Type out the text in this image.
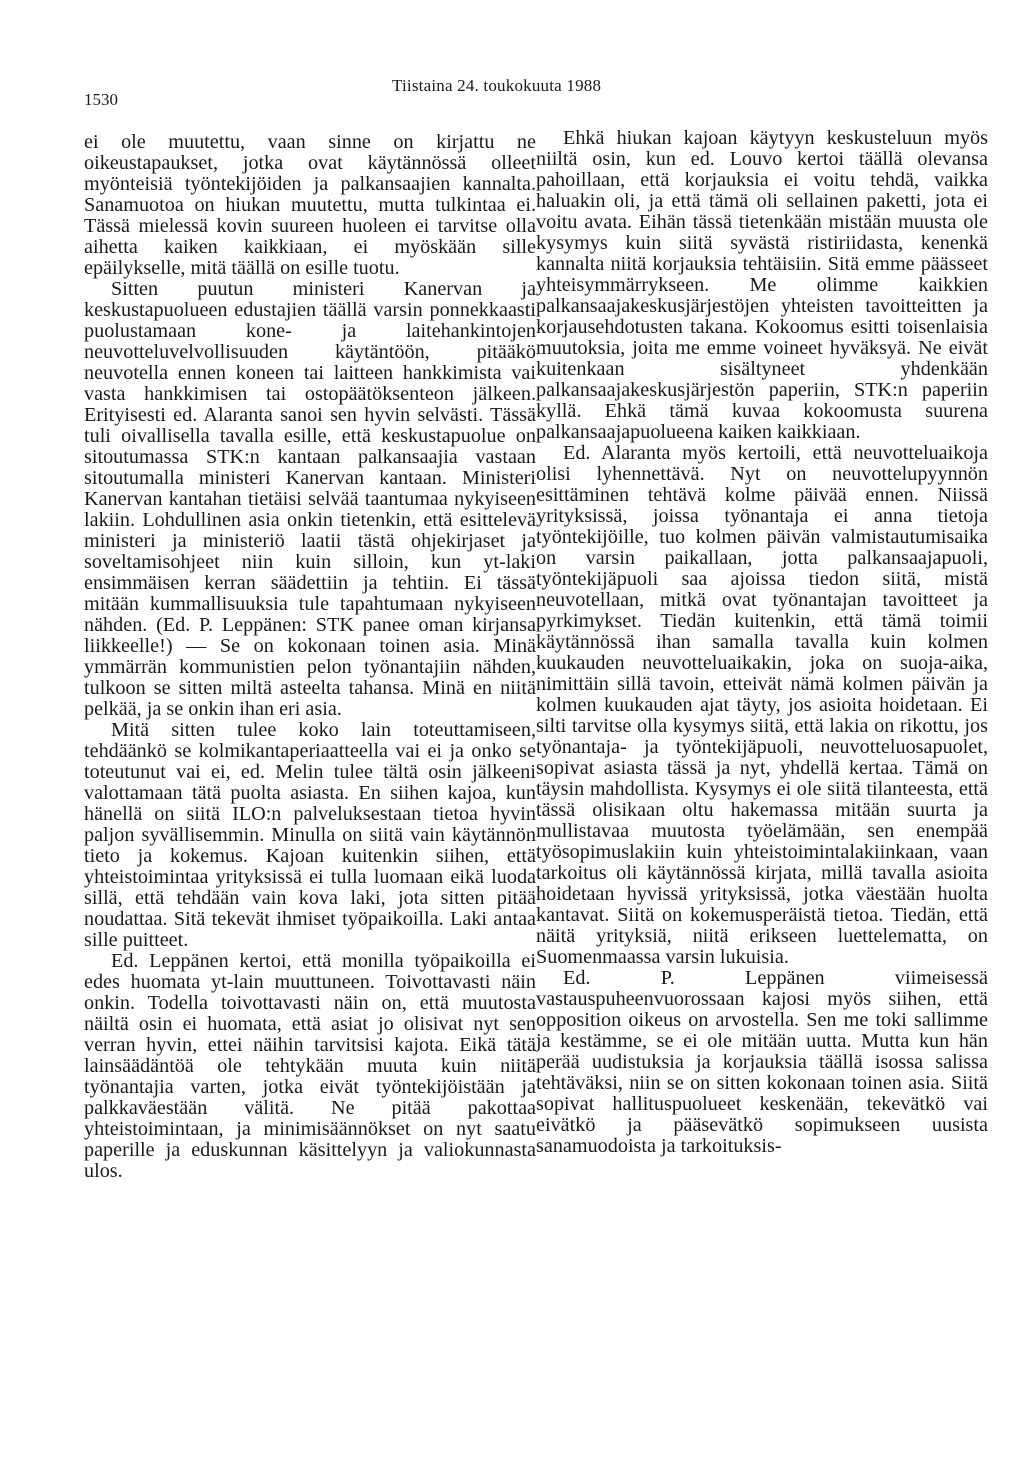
1530
Tiistaina 24. toukokuuta 1988

ei ole muutettu, vaan sinne on kirjattu ne oikeustapaukset, jotka ovat käytännössä olleet myönteisiä työntekijöiden ja palkansaajien kannalta. Sanamuotoa on hiukan muutettu, mutta tulkintaa ei. Tässä mielessä kovin suureen huoleen ei tarvitse olla aihetta kaiken kaikkiaan, ei myöskään sille epäilykselle, mitä täällä on esille tuotu.

Sitten puutun ministeri Kanervan ja keskustapuolueen edustajien täällä varsin ponnekkaasti puolustamaan kone- ja laitehankintojen neuvotteluvelvollisuuden käytäntöön, pitääkö neuvotella ennen koneen tai laitteen hankkimista vai vasta hankkimisen tai ostopäätöksenteon jälkeen. Erityisesti ed. Alaranta sanoi sen hyvin selvästi. Tässä tuli oivallisella tavalla esille, että keskustapuolue on sitoutumassa STK:n kantaan palkansaajia vastaan sitoutumalla ministeri Kanervan kantaan. Ministeri Kanervan kantahan tietäisi selvää taantumaa nykyiseen lakiin. Lohdullinen asia onkin tietenkin, että esittelevä ministeri ja ministeriö laatii tästä ohjekirjaset ja soveltamisohjeet niin kuin silloin, kun yt-laki ensimmäisen kerran säädettiin ja tehtiin. Ei tässä mitään kummallisuuksia tule tapahtumaan nykyiseen nähden. (Ed. P. Leppänen: STK panee oman kirjansa liikkeelle!) — Se on kokonaan toinen asia. Minä ymmärrän kommunistien pelon työnantajiin nähden, tulkoon se sitten miltä asteelta tahansa. Minä en niitä pelkää, ja se onkin ihan eri asia.

Mitä sitten tulee koko lain toteuttamiseen, tehdäänkö se kolmikantaperiaatteella vai ei ja onko se toteutunut vai ei, ed. Melin tulee tältä osin jälkeeni valottamaan tätä puolta asiasta. En siihen kajoa, kun hänellä on siitä ILO:n palveluksestaan tietoa hyvin paljon syvällisemmin. Minulla on siitä vain käytännön tieto ja kokemus. Kajoan kuitenkin siihen, että yhteistoimintaa yrityksissä ei tulla luomaan eikä luoda sillä, että tehdään vain kova laki, jota sitten pitää noudattaa. Sitä tekevät ihmiset työpaikoilla. Laki antaa sille puitteet.

Ed. Leppänen kertoi, että monilla työpaikoilla ei edes huomata yt-lain muuttuneen. Toivottavasti näin onkin. Todella toivottavasti näin on, että muutosta näiltä osin ei huomata, että asiat jo olisivat nyt sen verran hyvin, ettei näihin tarvitsisi kajota. Eikä tätä lainsäädäntöä ole tehtykään muuta kuin niitä työnantajia varten, jotka eivät työntekijöistään ja palkkaväestään välitä. Ne pitää pakottaa yhteistoimintaan, ja minimisäännökset on nyt saatu paperille ja eduskunnan käsittelyyn ja valiokunnasta ulos.

Ehkä hiukan kajoan käytyyn keskusteluun myös niiltä osin, kun ed. Louvo kertoi täällä olevansa pahoillaan, että korjauksia ei voitu tehdä, vaikka haluakin oli, ja että tämä oli sellainen paketti, jota ei voitu avata. Eihän tässä tietenkään mistään muusta ole kysymys kuin siitä syvästä ristiriidasta, kenenkä kannalta niitä korjauksia tehtäisiin. Sitä emme päässeet yhteisymmärrykseen. Me olimme kaikkien palkansaajakeskusjärjestöjen yhteisten tavoitteitten ja korjausehdotusten takana. Kokoomus esitti toisenlaisia muutoksia, joita me emme voineet hyväksyä. Ne eivät kuitenkaan sisältyneet yhdenkään palkansaajakeskusjärjestön paperiin, STK:n paperiin kyllä. Ehkä tämä kuvaa kokoomusta suurena palkansaajapuolueena kaiken kaikkiaan.

Ed. Alaranta myös kertoili, että neuvotteluaikoja olisi lyhennettävä. Nyt on neuvottelupyynnön esittäminen tehtävä kolme päivää ennen. Niissä yrityksissä, joissa työnantaja ei anna tietoja työntekijöille, tuo kolmen päivän valmistautumisaika on varsin paikallaan, jotta palkansaajapuoli, työntekijäpuoli saa ajoissa tiedon siitä, mistä neuvotellaan, mitkä ovat työnantajan tavoitteet ja pyrkimykset. Tiedän kuitenkin, että tämä toimii käytännössä ihan samalla tavalla kuin kolmen kuukauden neuvotteluaikakin, joka on suoja-aika, nimittäin sillä tavoin, etteivät nämä kolmen päivän ja kolmen kuukauden ajat täyty, jos asioita hoidetaan. Ei silti tarvitse olla kysymys siitä, että lakia on rikottu, jos työnantaja- ja työntekijäpuoli, neuvotteluosapuolet, sopivat asiasta tässä ja nyt, yhdellä kertaa. Tämä on täysin mahdollista. Kysymys ei ole siitä tilanteesta, että tässä olisikaan oltu hakemassa mitään suurta ja mullistavaa muutosta työelämään, sen enempää työsopimuslakiin kuin yhteistoimintalakiinkaan, vaan tarkoitus oli käytännössä kirjata, millä tavalla asioita hoidetaan hyvissä yrityksissä, jotka väestään huolta kantavat. Siitä on kokemusperäistä tietoa. Tiedän, että näitä yrityksiä, niitä erikseen luettelematta, on Suomenmaassa varsin lukuisia.

Ed. P. Leppänen viimeisessä vastauspuheenvuorossaan kajosi myös siihen, että opposition oikeus on arvostella. Sen me toki sallimme ja kestämme, se ei ole mitään uutta. Mutta kun hän perää uudistuksia ja korjauksia täällä isossa salissa tehtäväksi, niin se on sitten kokonaan toinen asia. Siitä sopivat hallituspuolueet keskenään, tekevätkö vai eivätkö ja pääsevätkö sopimukseen uusista sanamuodoista ja tarkoituksis-
